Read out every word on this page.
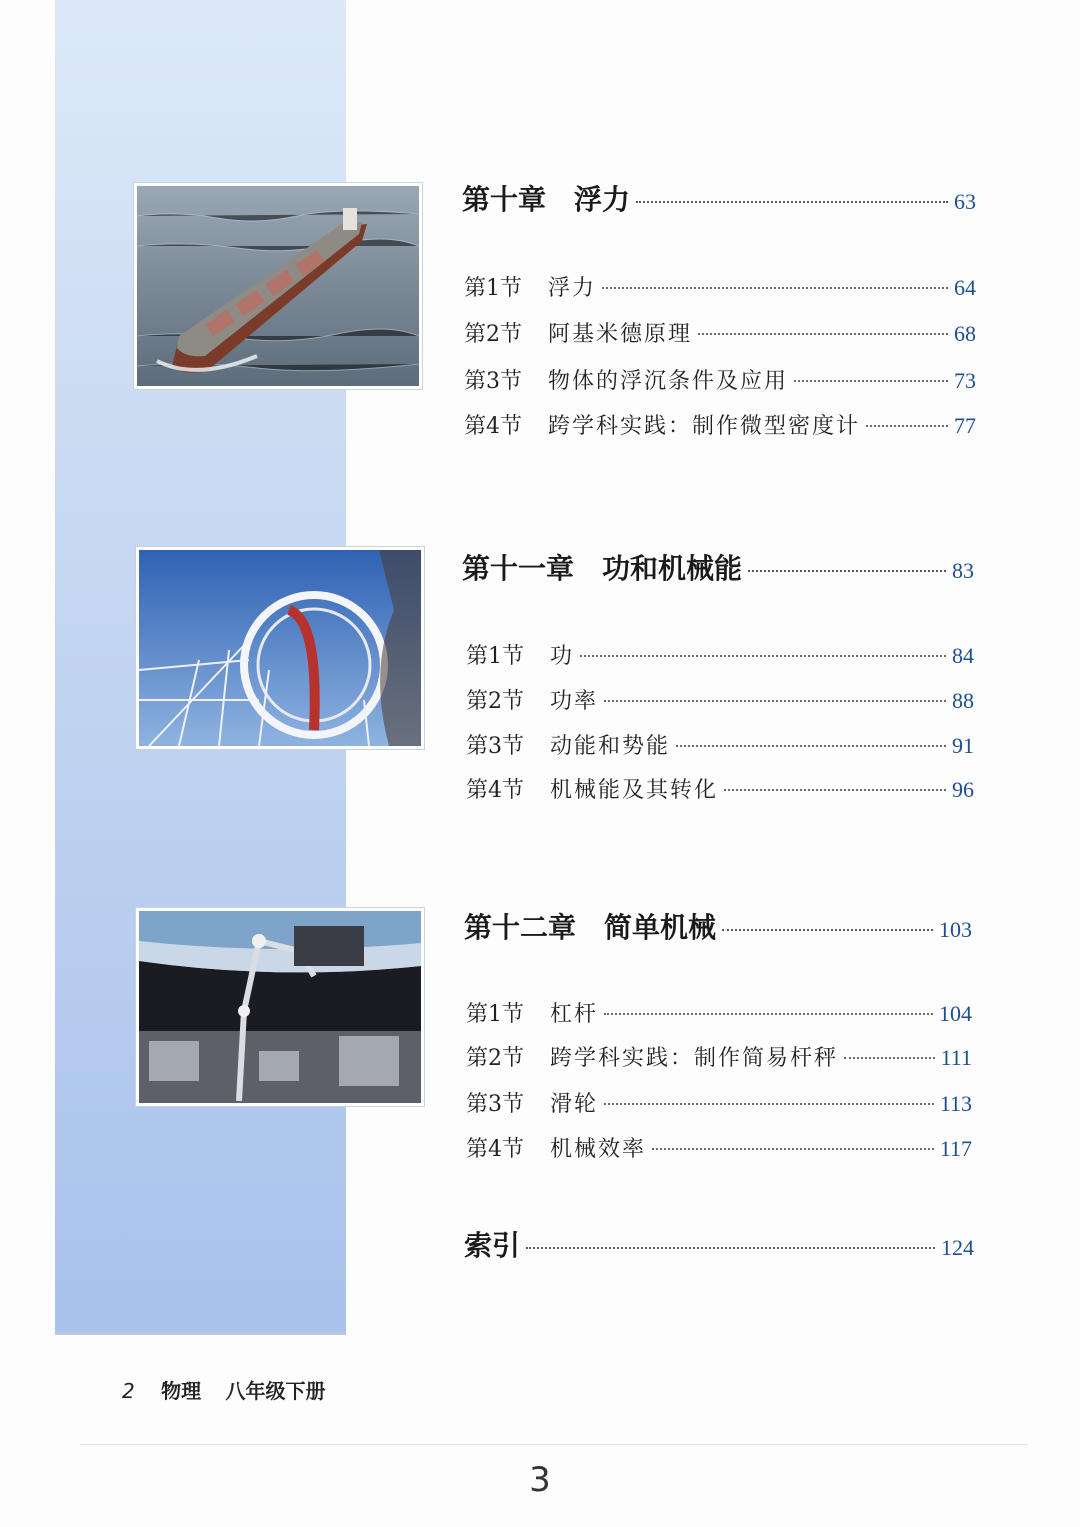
第十章　浮力	63
第1节	浮力	64
第2节	阿基米德原理	68
第3节	物体的浮沉条件及应用	73
第4节	跨学科实践：制作微型密度计	77
第十一章　功和机械能	83
第1节	功	84
第2节	功率	88
第3节	动能和势能	91
第4节	机械能及其转化	96
第十二章　简单机械	103
第1节	杠杆	104
第2节	跨学科实践：制作简易杆秤	111
第3节	滑轮	113
第4节	机械效率	117
索引	124
2 物理 八年级下册
3
